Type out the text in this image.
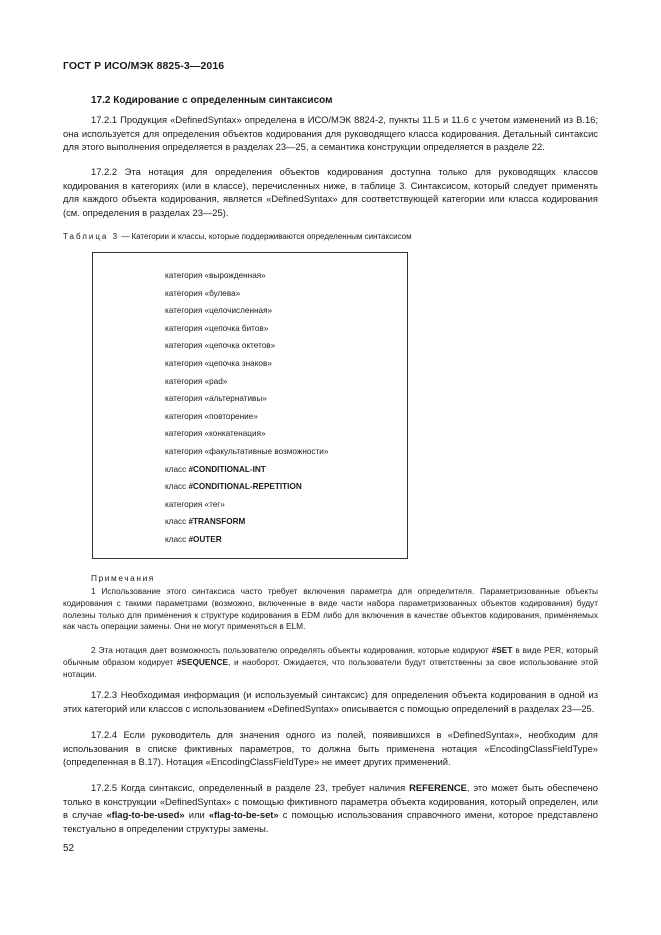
ГОСТ Р ИСО/МЭК 8825-3—2016
17.2 Кодирование с определенным синтаксисом

17.2.1 Продукция «DefinedSyntax» определена в ИСО/МЭК 8824-2, пункты 11.5 и 11.6 с учетом изменений из B.16; она используется для определения объектов кодирования для руководящего класса кодирования. Детальный синтаксис для этого выполнения определяется в разделах 23—25, а семантика конструкции определяется в разделе 22.

17.2.2 Эта нотация для определения объектов кодирования доступна только для руководящих классов кодирования в категориях (или в классе), перечисленных ниже, в таблице 3. Синтаксисом, который следует применять для каждого объекта кодирования, является «DefinedSyntax» для соответствующей категории или класса кодирования (см. определения в разделах 23—25).

Таблица 3 — Категории и классы, которые поддерживаются определенным синтаксисом
категория «вырожденная»
категория «булева»
категория «целочисленная»
категория «цепочка битов»
категория «цепочка октетов»
категория «цепочка знаков»
категория «pad»
категория «альтернативы»
категория «повторение»
категория «конкатенация»
категория «факультативные возможности»
класс #CONDITIONAL-INT
класс #CONDITIONAL-REPETITION
категория «тег»
класс #TRANSFORM
класс #OUTER
Примечания

1 Использование этого синтаксиса часто требует включения параметра для определителя. Параметризованные объекты кодирования с такими параметрами (возможно, включенные в виде части набора параметризованных объектов кодирования) будут полезны только для применения к структуре кодирования в EDM либо для включения в качестве объектов кодирования, применяемых как часть операции замены. Они не могут применяться в ELM.

2 Эта нотация дает возможность пользователю определять объекты кодирования, которые кодируют #SET в виде PER, который обычным образом кодирует #SEQUENCE, и наоборот. Ожидается, что пользователи будут ответственны за свое использование этой нотации.

17.2.3 Необходимая информация (и используемый синтаксис) для определения объекта кодирования в одной из этих категорий или классов с использованием «DefinedSyntax» описывается с помощью определений в разделах 23—25.

17.2.4 Если руководитель для значения одного из полей, появившихся в «DefinedSyntax», необходим для использования в списке фиктивных параметров, то должна быть применена нотация «EncodingClassFieldType» (определенная в B.17). Нотация «EncodingClassFieldType» не имеет других применений.

17.2.5 Когда синтаксис, определенный в разделе 23, требует наличия REFERENCE, это может быть обеспечено только в конструкции «DefinedSyntax» с помощью фиктивного параметра объекта кодирования, который определен, или в случае «flag-to-be-used» или «flag-to-be-set» с помощью использования справочного имени, которое представлено текстуально в определении структуры замены.

52
